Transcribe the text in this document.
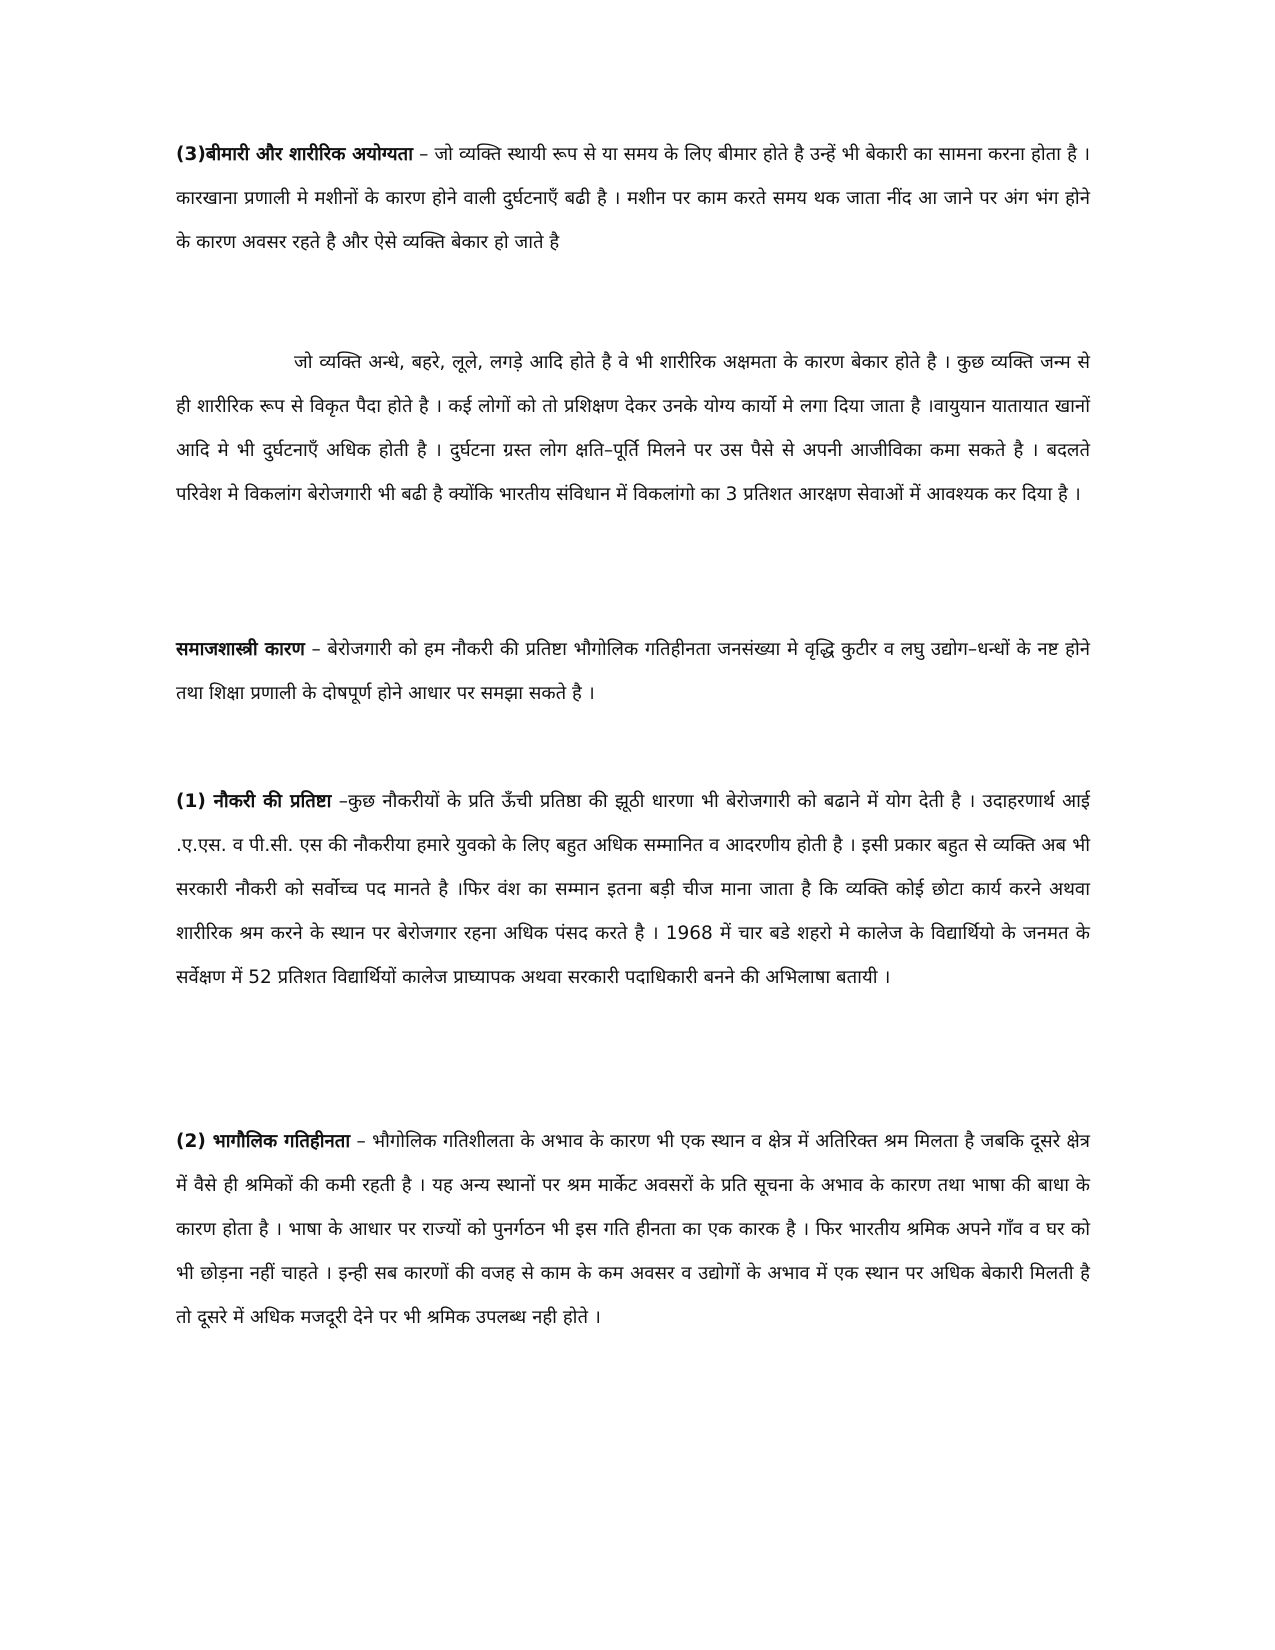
(3)बीमारी और शारीरिक अयोग्यता – जो व्यक्ति स्थायी रूप से या समय के लिए बीमार होते है उन्हें भी बेकारी का सामना करना होता है । कारखाना प्रणाली मे मशीनों के कारण होने वाली दुर्घटनाएँ बढी है । मशीन पर काम करते समय थक जाता नींद आ जाने पर अंग भंग होने के कारण अवसर रहते है और ऐसे व्यक्ति बेकार हो जाते है

जो व्यक्ति अन्धे, बहरे, लूले, लगड़े आदि होते है वे भी शारीरिक अक्षमता के कारण बेकार होते है । कुछ व्यक्ति जन्म से ही शारीरिक रूप से विकृत पैदा होते है । कई लोगों को तो प्रशिक्षण देकर उनके योग्य कार्यो मे लगा दिया जाता है ।वायुयान यातायात खानों आदि मे भी दुर्घटनाएँ अधिक होती है । दुर्घटना ग्रस्त लोग क्षति–पूर्ति मिलने पर उस पैसे से अपनी आजीविका कमा सकते है । बदलते परिवेश मे विकलांग बेरोजगारी भी बढी है क्योंकि भारतीय संविधान में विकलांगो का 3 प्रतिशत आरक्षण सेवाओं में आवश्यक कर दिया है ।

समाजशास्त्री कारण – बेरोजगारी को हम नौकरी की प्रतिष्टा भौगोलिक गतिहीनता जनसंख्या मे वृद्धि कुटीर व लघु उद्योग–धन्धों के नष्ट होने तथा शिक्षा प्रणाली के दोषपूर्ण होने आधार पर समझा सकते है ।

(1) नौकरी की प्रतिष्टा –कुछ नौकरीयों के प्रति ऊँची प्रतिष्ठा की झूठी धारणा भी बेरोजगारी को बढाने में योग देती है । उदाहरणार्थ आई .ए.एस. व पी.सी. एस की नौकरीया हमारे युवको के लिए बहुत अधिक सम्मानित व आदरणीय होती है । इसी प्रकार बहुत से व्यक्ति अब भी सरकारी नौकरी को सर्वोच्च पद मानते है ।फिर वंश का सम्मान इतना बड़ी चीज माना जाता है कि व्यक्ति कोई छोटा कार्य करने अथवा शारीरिक श्रम करने के स्थान पर बेरोजगार रहना अधिक पंसद करते है । 1968 में चार बडे शहरो मे कालेज के विद्यार्थियो के जनमत के सर्वेक्षण में 52 प्रतिशत विद्यार्थियों कालेज प्राघ्यापक अथवा सरकारी पदाधिकारी बनने की अभिलाषा बतायी ।

(2) भागौलिक गतिहीनता – भौगोलिक गतिशीलता के अभाव के कारण भी एक स्थान व क्षेत्र में अतिरिक्त श्रम मिलता है जबकि दूसरे क्षेत्र में वैसे ही श्रमिकों की कमी रहती है । यह अन्य स्थानों पर श्रम मार्केट अवसरों के प्रति सूचना के अभाव के कारण तथा भाषा की बाधा के कारण होता है । भाषा के आधार पर राज्यों को पुनर्गठन भी इस गति हीनता का एक कारक है । फिर भारतीय श्रमिक अपने गाँव व घर को भी छोड़ना नहीं चाहते । इन्ही सब कारणों की वजह से काम के कम अवसर व उद्योगों के अभाव में एक स्थान पर अधिक बेकारी मिलती है तो दूसरे में अधिक मजदूरी देने पर भी श्रमिक उपलब्ध नही होते ।
